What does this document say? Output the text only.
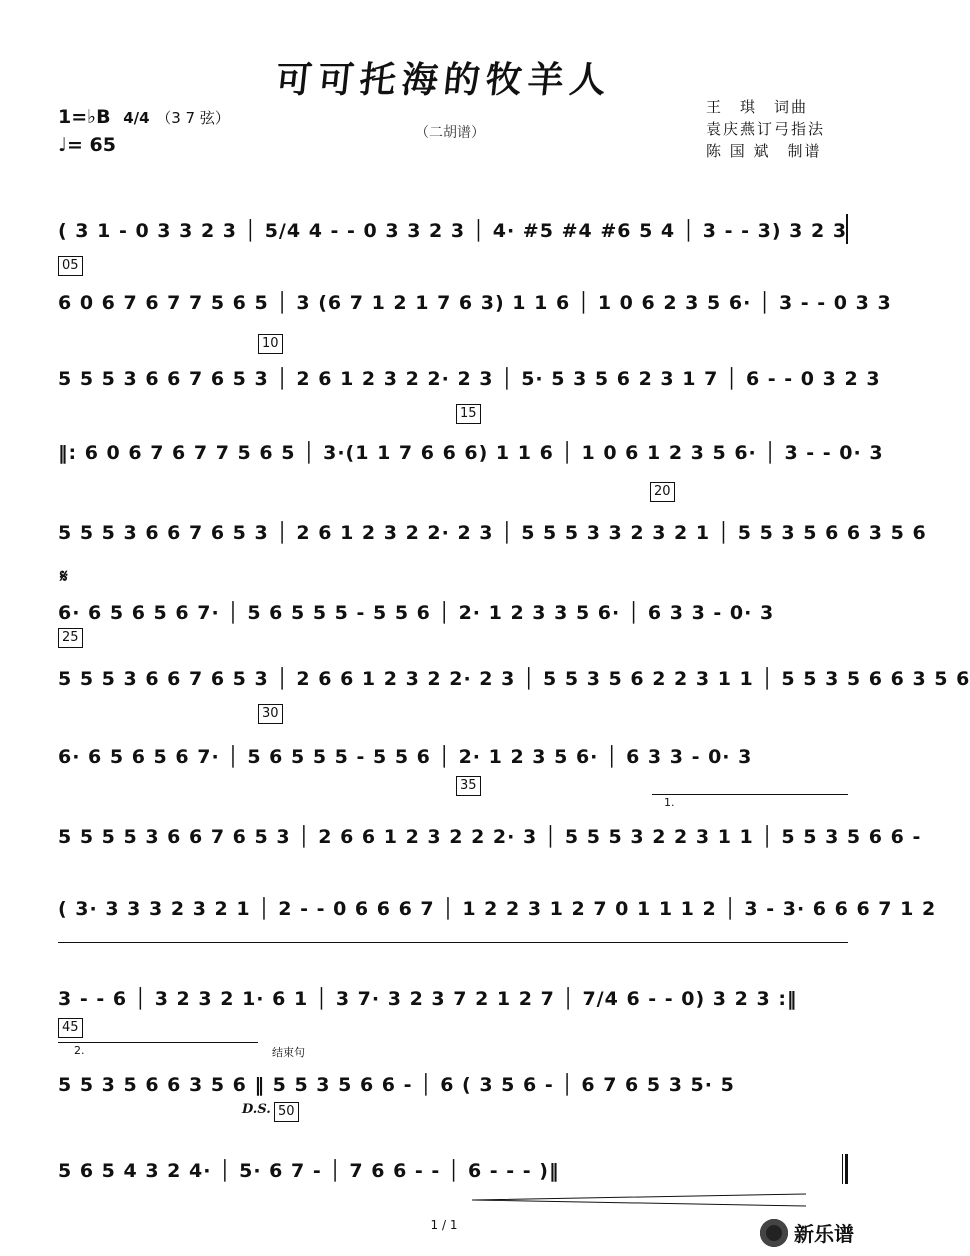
可可托海的牧羊人
（二胡谱）
1=♭B 4/4 （3 7 弦）
♩= 65
王　琪　词曲
袁庆燕订弓指法
陈 国 斌　制谱
( 3 1 - 0 3 3 2 3 │ 5/4 4 - - 0 3 3 2 3 │ 4· #5 #4 #6 5 4 │ 3 - - 3) 3 2 3
05
6 0 6 7 6 7 7 5 6 5 │ 3 (6 7 1 2 1 7 6 3) 1 1 6 │ 1 0 6 2 3 5 6· │ 3 - - 0 3 3
10
5 5 5 3 6 6 7 6 5 3 │ 2 6 1 2 3 2 2· 2 3 │ 5· 5 3 5 6 2 3 1 7 │ 6 - - 0 3 2 3
15
‖: 6 0 6 7 6 7 7 5 6 5 │ 3·(1 1 7 6 6 6) 1 1 6 │ 1 0 6 1 2 3 5 6· │ 3 - - 0· 3
20
5 5 5 3 6 6 7 6 5 3 │ 2 6 1 2 3 2 2· 2 3 │ 5 5 5 3 3 2 3 2 1 │ 5 5 3 5 6 6 3 5 6
𝄋
6· 6 5 6 5 6 7· │ 5 6 5 5 5 - 5 5 6 │ 2· 1 2 3 3 5 6· │ 6 3 3 - 0· 3
25
5 5 5 3 6 6 7 6 5 3 │ 2 6 6 1 2 3 2 2· 2 3 │ 5 5 3 5 6 2 2 3 1 1 │ 5 5 3 5 6 6 3 5 6
30
6· 6 5 6 5 6 7· │ 5 6 5 5 5 - 5 5 6 │ 2· 1 2 3 5 6· │ 6 3 3 - 0· 3
35
1.
5 5 5 5 3 6 6 7 6 5 3 │ 2 6 6 1 2 3 2 2 2· 3 │ 5 5 5 3 2 2 3 1 1 │ 5 5 3 5 6 6 -
( 3· 3 3 3 2 3 2 1 │ 2 - - 0 6 6 6 7 │ 1 2 2 3 1 2 7 0 1 1 1 2 │ 3 - 3· 6 6 6 7 1 2
3 - - 6 │ 3 2 3 2 1· 6 1 │ 3 7· 3 2 3 7 2 1 2 7 │ 7/4 6 - - 0) 3 2 3 :‖
45
2.	结束句
5 5 3 5 6 6 3 5 6 ‖ 5 5 3 5 6 6 - │ 6 ( 3 5 6 - │ 6 7 6 5 3 5· 5
D.S. 50
5 6 5 4 3 2 4· │ 5· 6 7 - │ 7 6 6 - - │ 6 - - - )‖
1 / 1	新乐谱
